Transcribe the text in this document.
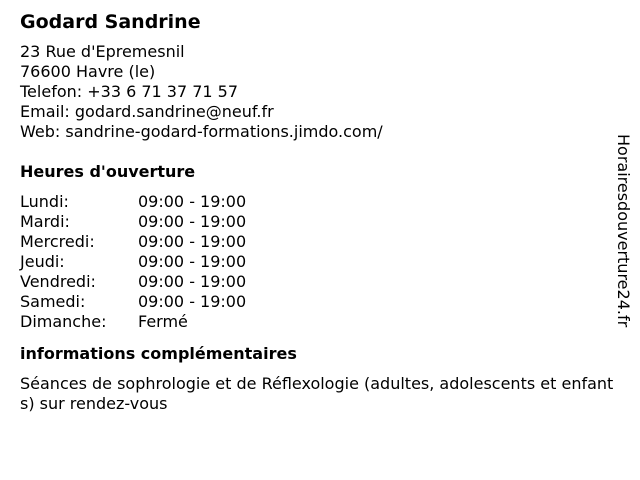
Godard Sandrine
23 Rue d'Epremesnil
76600 Havre (le)
Telefon: +33 6 71 37 71 57
Email: godard.sandrine@neuf.fr
Web: sandrine-godard-formations.jimdo.com/
Heures d'ouverture
Lundi:	09:00 - 19:00
Mardi:	09:00 - 19:00
Mercredi:	09:00 - 19:00
Jeudi:	09:00 - 19:00
Vendredi:	09:00 - 19:00
Samedi:	09:00 - 19:00
Dimanche:	Fermé
informations complémentaires
Séances de sophrologie et de Réflexologie (adultes, adolescents et enfants) sur rendez-vous
Horairesdouverture24.fr
